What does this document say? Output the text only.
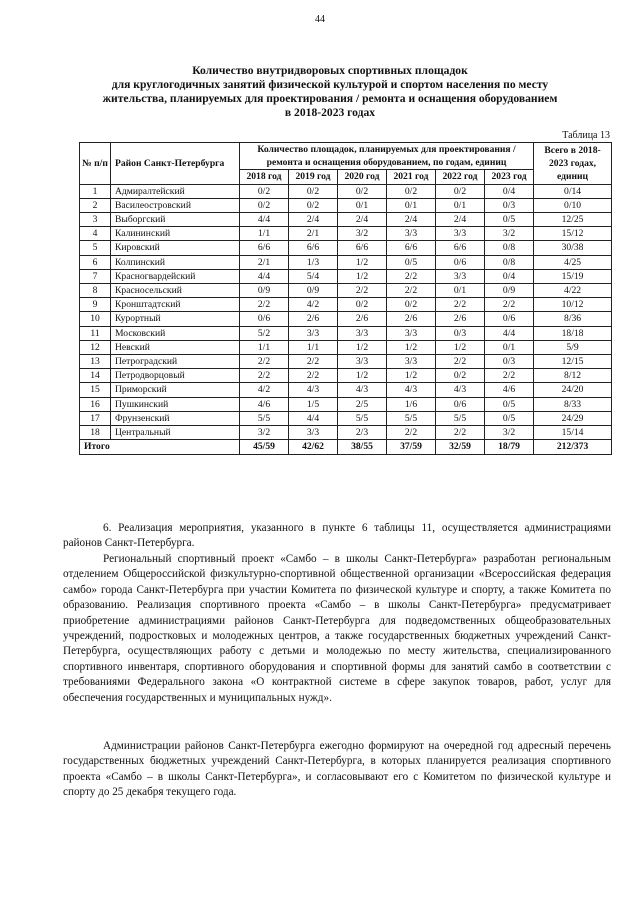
44
Количество внутридворовых спортивных площадок
для круглогодичных занятий физической культурой и спортом населения по месту
жительства, планируемых для проектирования / ремонта и оснащения оборудованием
в 2018-2023 годах
Таблица 13
№ п/п	Район Санкт-Петербурга	Количество площадок, планируемых для проектирования / ремонта и оснащения оборудованием, по годам, единиц						Всего в 2018-2023 годах, единиц
		2018 год	2019 год	2020 год	2021 год	2022 год	2023 год	
1	Адмиралтейский	0/2	0/2	0/2	0/2	0/2	0/4	0/14
2	Василеостровский	0/2	0/2	0/1	0/1	0/1	0/3	0/10
3	Выборгский	4/4	2/4	2/4	2/4	2/4	0/5	12/25
4	Калининский	1/1	2/1	3/2	3/3	3/3	3/2	15/12
5	Кировский	6/6	6/6	6/6	6/6	6/6	0/8	30/38
6	Колпинский	2/1	1/3	1/2	0/5	0/6	0/8	4/25
7	Красногвардейский	4/4	5/4	1/2	2/2	3/3	0/4	15/19
8	Красносельский	0/9	0/9	2/2	2/2	0/1	0/9	4/22
9	Кронштадтский	2/2	4/2	0/2	0/2	2/2	2/2	10/12
10	Курортный	0/6	2/6	2/6	2/6	2/6	0/6	8/36
11	Московский	5/2	3/3	3/3	3/3	0/3	4/4	18/18
12	Невский	1/1	1/1	1/2	1/2	1/2	0/1	5/9
13	Петроградский	2/2	2/2	3/3	3/3	2/2	0/3	12/15
14	Петродворцовый	2/2	2/2	1/2	1/2	0/2	2/2	8/12
15	Приморский	4/2	4/3	4/3	4/3	4/3	4/6	24/20
16	Пушкинский	4/6	1/5	2/5	1/6	0/6	0/5	8/33
17	Фрунзенский	5/5	4/4	5/5	5/5	5/5	0/5	24/29
18	Центральный	3/2	3/3	2/3	2/2	2/2	3/2	15/14
Итого		45/59	42/62	38/55	37/59	32/59	18/79	212/373

6. Реализация мероприятия, указанного в пункте 6 таблицы 11, осуществляется администрациями районов Санкт-Петербурга.

Региональный спортивный проект «Самбо – в школы Санкт-Петербурга» разработан региональным отделением Общероссийской физкультурно-спортивной общественной организации «Всероссийская федерация самбо» города Санкт-Петербурга при участии Комитета по физической культуре и спорту, а также Комитета по образованию. Реализация спортивного проекта «Самбо – в школы Санкт-Петербурга» предусматривает приобретение администрациями районов Санкт-Петербурга для подведомственных общеобразовательных учреждений, подростковых и молодежных центров, а также государственных бюджетных учреждений Санкт-Петербурга, осуществляющих работу с детьми и молодежью по месту жительства, специализированного спортивного инвентаря, спортивного оборудования и спортивной формы для занятий самбо в соответствии с требованиями Федерального закона «О контрактной системе в сфере закупок товаров, работ, услуг для обеспечения государственных и муниципальных нужд».

Администрации районов Санкт-Петербурга ежегодно формируют на очередной год адресный перечень государственных бюджетных учреждений Санкт-Петербурга, в которых планируется реализация спортивного проекта «Самбо – в школы Санкт-Петербурга», и согласовывают его с Комитетом по физической культуре и спорту до 25 декабря текущего года.
